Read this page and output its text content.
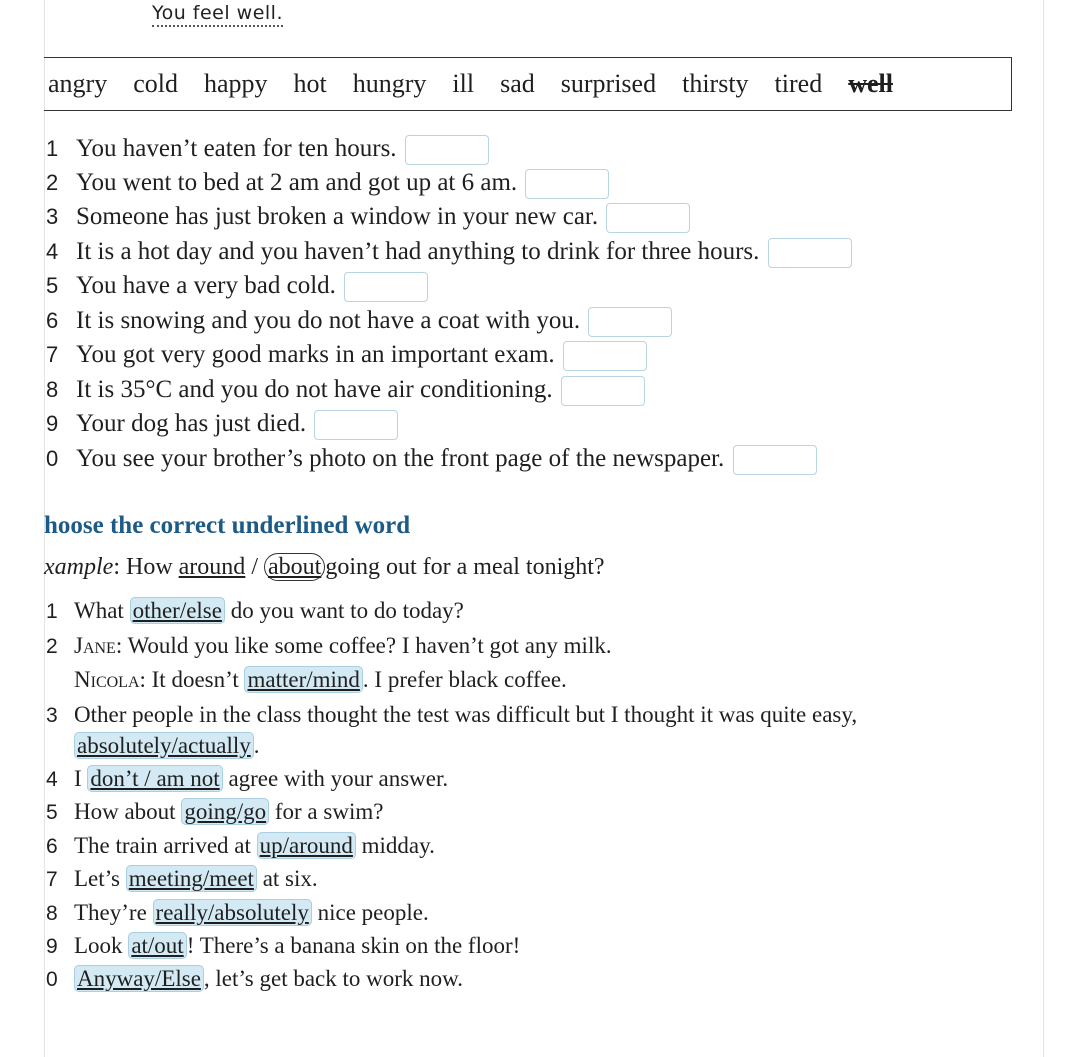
You feel well.
angry cold happy hot hungry ill sad surprised thirsty tired well
1 You haven’t eaten for ten hours.
2 You went to bed at 2 am and got up at 6 am.
3 Someone has just broken a window in your new car.
4 It is a hot day and you haven’t had anything to drink for three hours.
5 You have a very bad cold.
6 It is snowing and you do not have a coat with you.
7 You got very good marks in an important exam.
8 It is 35°C and you do not have air conditioning.
9 Your dog has just died.
0 You see your brother’s photo on the front page of the newspaper.
hoose the correct underlined word
xample: How around / about going out for a meal tonight?
1 What other/else do you want to do today?
2 Jane: Would you like some coffee? I haven’t got any milk.
Nicola: It doesn’t matter/mind . I prefer black coffee.
3 Other people in the class thought the test was difficult but I thought it was quite easy,
absolutely/actually .
4 I don’t / am not agree with your answer.
5 How about going/go for a swim?
6 The train arrived at up/around midday.
7 Let’s meeting/meet at six.
8 They’re really/absolutely nice people.
9 Look at/out ! There’s a banana skin on the floor!
0 Anyway/Else , let’s get back to work now.
